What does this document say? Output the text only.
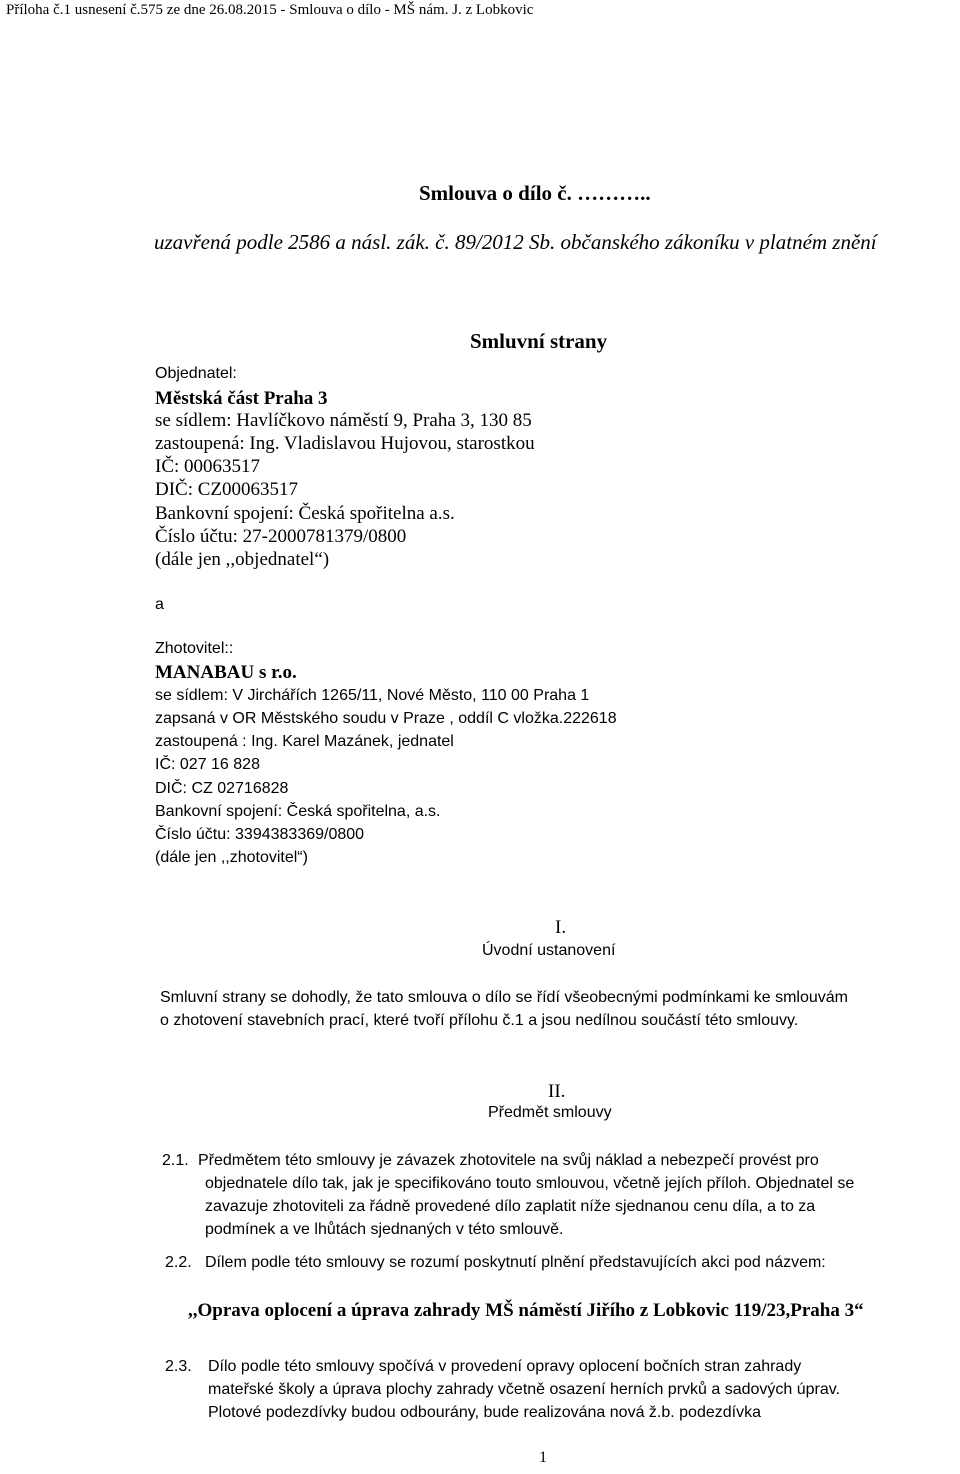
Příloha č.1 usnesení č.575 ze dne 26.08.2015 - Smlouva o dílo - MŠ nám. J. z Lobkovic
Smlouva o dílo č. ………..
uzavřená podle 2586 a násl. zák. č. 89/2012 Sb. občanského zákoníku v platném znění
Smluvní strany
Objednatel:
Městská část Praha 3
se sídlem: Havlíčkovo náměstí 9, Praha 3, 130 85
zastoupená: Ing. Vladislavou Hujovou, starostkou
IČ: 00063517
DIČ: CZ00063517
Bankovní spojení: Česká spořitelna a.s.
Číslo účtu: 27-2000781379/0800
(dále jen ,,objednatel“)
a
Zhotovitel::
MANABAU s r.o.
se sídlem: V Jirchářích 1265/11, Nové Město, 110 00 Praha 1
zapsaná v OR Městského soudu v Praze , oddíl C vložka.222618
zastoupená : Ing. Karel Mazánek, jednatel
IČ: 027 16 828
DIČ: CZ 02716828
Bankovní spojení: Česká spořitelna, a.s.
Číslo účtu: 3394383369/0800
(dále jen ,,zhotovitel“)
I.
Úvodní ustanovení
Smluvní strany se dohodly, že tato smlouva o dílo se řídí všeobecnými podmínkami ke smlouvám
o zhotovení stavebních prací, které tvoří přílohu č.1 a jsou nedílnou součástí této smlouvy.
II.
Předmět smlouvy
2.1. Předmětem této smlouvy je závazek zhotovitele na svůj náklad a nebezpečí provést pro
objednatele dílo tak, jak je specifikováno touto smlouvou, včetně jejích příloh. Objednatel se
zavazuje zhotoviteli za řádně provedené dílo zaplatit níže sjednanou cenu díla, a to za
podmínek a ve lhůtách sjednaných v této smlouvě.
2.2. Dílem podle této smlouvy se rozumí poskytnutí plnění představujících akci pod názvem:
,,Oprava oplocení a úprava zahrady MŠ náměstí Jiřího z Lobkovic 119/23,Praha 3“
2.3. Dílo podle této smlouvy spočívá v provedení opravy oplocení bočních stran zahrady
mateřské školy a úprava plochy zahrady včetně osazení herních prvků a sadových úprav.
Plotové podezdívky budou odbourány, bude realizována nová ž.b. podezdívka
1
